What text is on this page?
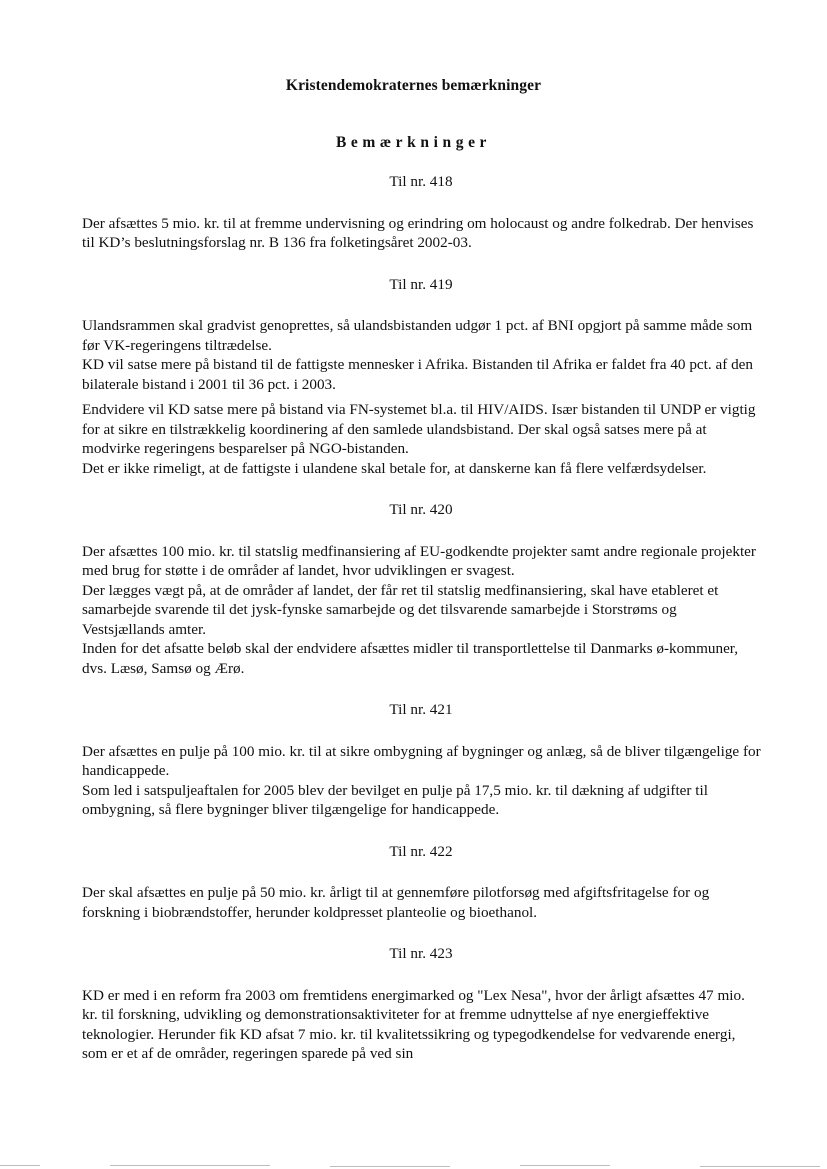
Kristendemokraternes bemærkninger
Bemærkninger
Til nr. 418
Der afsættes 5 mio. kr. til at fremme undervisning og erindring om holocaust og andre folkedrab. Der henvises til KD’s beslutningsforslag nr. B 136 fra folketingsåret 2002-03.
Til nr. 419
Ulandsrammen skal gradvist genoprettes, så ulandsbistanden udgør 1 pct. af BNI opgjort på samme måde som før VK-regeringens tiltrædelse.
KD vil satse mere på bistand til de fattigste mennesker i Afrika. Bistanden til Afrika er faldet fra 40 pct. af den bilaterale bistand i 2001 til 36 pct. i 2003.
Endvidere vil KD satse mere på bistand via FN-systemet bl.a. til HIV/AIDS. Især bistanden til UNDP er vigtig for at sikre en tilstrækkelig koordinering af den samlede ulandsbistand. Der skal også satses mere på at modvirke regeringens besparelser på NGO-bistanden.
Det er ikke rimeligt, at de fattigste i ulandene skal betale for, at danskerne kan få flere velfærdsydelser.
Til nr. 420
Der afsættes 100 mio. kr. til statslig medfinansiering af EU-godkendte projekter samt andre regionale projekter med brug for støtte i de områder af landet, hvor udviklingen er svagest.
Der lægges vægt på, at de områder af landet, der får ret til statslig medfinansiering, skal have etableret et samarbejde svarende til det jysk-fynske samarbejde og det tilsvarende samarbejde i Storstrøms og Vestsjællands amter.
Inden for det afsatte beløb skal der endvidere afsættes midler til transportlettelse til Danmarks ø-kommuner, dvs. Læsø, Samsø og Ærø.
Til nr. 421
Der afsættes en pulje på 100 mio. kr. til at sikre ombygning af bygninger og anlæg, så de bliver tilgængelige for handicappede.
Som led i satspuljeaftalen for 2005 blev der bevilget en pulje på 17,5 mio. kr. til dækning af udgifter til ombygning, så flere bygninger bliver tilgængelige for handicappede.
Til nr. 422
Der skal afsættes en pulje på 50 mio. kr. årligt til at gennemføre pilotforsøg med afgiftsfritagelse for og forskning i biobrændstoffer, herunder koldpresset planteolie og bioethanol.
Til nr. 423
KD er med i en reform fra 2003 om fremtidens energimarked og "Lex Nesa", hvor der årligt afsættes 47 mio. kr. til forskning, udvikling og demonstrationsaktiviteter for at fremme udnyttelse af nye energieffektive teknologier. Herunder fik KD afsat 7 mio. kr. til kvalitetssikring og typegodkendelse for vedvarende energi, som er et af de områder, regeringen sparede på ved sin
